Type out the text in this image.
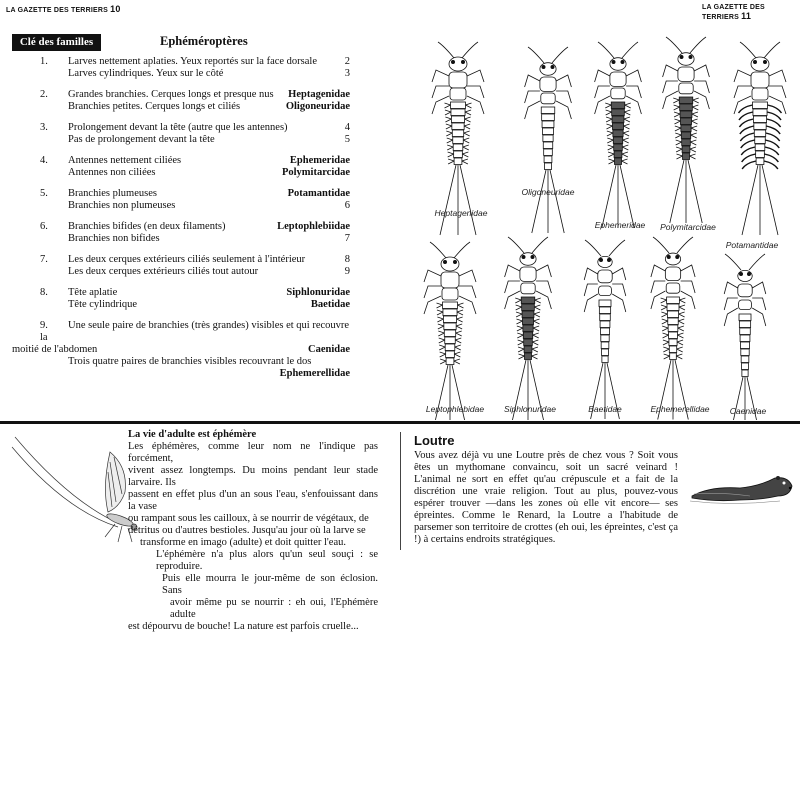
LA GAZETTE DES TERRIERS 10	LA GAZETTE DES TERRIERS 11
Clé des familles	Ephéméroptères
1. Larves nettement aplaties. Yeux reportés sur la face dorsale	2
Larves cylindriques. Yeux sur le côté	3
2. Grandes branchies. Cerques longs et presque nus Heptagenidae
Branchies petites. Cerques longs et ciliés	Oligoneuridae
3. Prolongement devant la tête (autre que les antennes)	4
Pas de prolongement devant la tête	5
4. Antennes nettement ciliées	Ephemeridae
Antennes non ciliées	Polymitarcidae
5. Branchies plumeuses	Potamantidae
Branchies non plumeuses	6
6. Branchies bifides (en deux filaments)	Leptophlebiidae
Branchies non bifides	7
7. Les deux cerques extérieurs ciliés seulement à l'intérieur	8
Les deux cerques extérieurs ciliés tout autour	9
8. Tête aplatie	Siphlonuridae
Tête cylindrique	Baetidae
9. Une seule paire de branchies (très grandes) visibles et qui recouvre la
moitié de l'abdomen	Caenidae
Trois quatre paires de branchies visibles recouvrant le dos
Ephemerellidae
Heptagenidae
Oligoneuridae
Ephemeridae Polymitarcidae
Potamantidae
Leptophlebidae Siphlonuridae	Baetidae	Ephemerellidae Caenidae
La vie d'adulte est éphémère
Les éphémères, comme leur nom ne l'indique pas forcément,
vivent assez longtemps. Du moins pendant leur stade larvaire. Ils
passent en effet plus d'un an sous l'eau, s'enfouissant dans la vase
ou rampant sous les cailloux, à se nourrir de végétaux, de
détritus ou d'autres bestioles. Jusqu'au jour où la larve se
transforme en imago (adulte) et doit quitter l'eau.
L'éphémère n'a plus alors qu'un seul souçi : se reproduire.
Puis elle mourra le jour-même de son éclosion. Sans
avoir même pu se nourrir : eh oui, l'Ephémère adulte
est dépourvu de bouche! La nature est parfois cruelle...
Loutre
Vous avez déjà vu une Loutre près de chez vous ? Soit vous êtes un mythomane convaincu, soit un sacré veinard ! L'animal ne sort en effet qu'au crépuscule et a fait de la discrétion une vraie religion. Tout au plus, pouvez-vous espérer trouver —dans les zones où elle vit encore— ses épreintes. Comme le Renard, la Loutre a l'habitude de parsemer son territoire de crottes (eh oui, les épreintes, c'est ça !) à certains endroits stratégiques.
